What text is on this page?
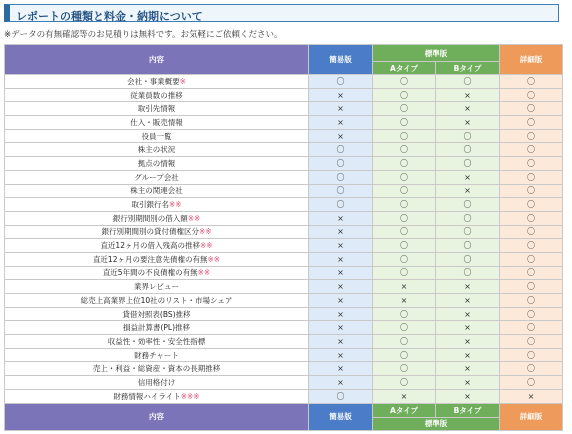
レポートの種類と料金・納期について
※データの有無確認等のお見積りは無料です。お気軽にご依頼ください。
内容	簡易版	標準版		詳細版
		Aタイプ	Bタイプ	
会社・事業概要※	〇	〇	〇	〇
従業員数の推移	×	〇	×	〇
取引先情報	×	〇	×	〇
仕入・販売情報	×	〇	×	〇
役員一覧	×	〇	〇	〇
株主の状況	〇	〇	〇	〇
拠点の情報	〇	〇	〇	〇
グループ会社	〇	〇	×	〇
株主の関連会社	〇	〇	×	〇
取引銀行名※※	〇	〇	〇	〇
銀行別期間別の借入額※※	×	〇	〇	〇
銀行別期間別の貸付債権区分※※	×	〇	〇	〇
直近12ヶ月の借入残高の推移※※	×	〇	〇	〇
直近12ヶ月の要注意先債権の有無※※	×	〇	〇	〇
直近5年間の不良債権の有無※※	×	〇	〇	〇
業界レビュー	×	×	×	〇
総売上高業界上位10社のリスト・市場シェア	×	×	×	〇
貸借対照表(BS)推移	×	〇	×	〇
損益計算書(PL)推移	×	〇	×	〇
収益性・効率性・安全性指標	×	〇	×	〇
財務チャート	×	〇	×	〇
売上・利益・総資産・資本の長期推移	×	〇	×	〇
信用格付け	×	〇	×	〇
財務情報ハイライト※※※	〇	×	×	×
内容	簡易版	Aタイプ	Bタイプ	詳細版
		標準版		
